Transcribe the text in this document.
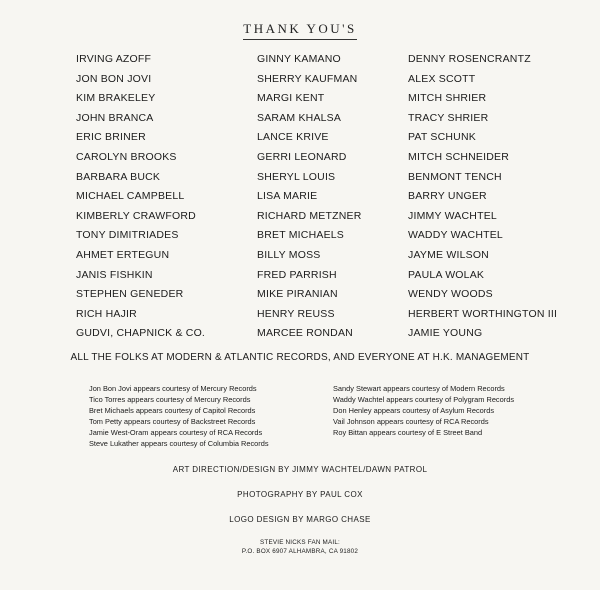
THANK YOU'S
IRVING AZOFF
JON BON JOVI
KIM BRAKELEY
JOHN BRANCA
ERIC BRINER
CAROLYN BROOKS
BARBARA BUCK
MICHAEL CAMPBELL
KIMBERLY CRAWFORD
TONY DIMITRIADES
AHMET ERTEGUN
JANIS FISHKIN
STEPHEN GENEDER
RICH HAJIR
GUDVI, CHAPNICK & CO.
GINNY KAMANO
SHERRY KAUFMAN
MARGI KENT
SARAM KHALSA
LANCE KRIVE
GERRI LEONARD
SHERYL LOUIS
LISA MARIE
RICHARD METZNER
BRET MICHAELS
BILLY MOSS
FRED PARRISH
MIKE PIRANIAN
HENRY REUSS
MARCEE RONDAN
DENNY ROSENCRANTZ
ALEX SCOTT
MITCH SHRIER
TRACY SHRIER
PAT SCHUNK
MITCH SCHNEIDER
BENMONT TENCH
BARRY UNGER
JIMMY WACHTEL
WADDY WACHTEL
JAYME WILSON
PAULA WOLAK
WENDY WOODS
HERBERT WORTHINGTON III
JAMIE YOUNG
ALL THE FOLKS AT MODERN & ATLANTIC RECORDS, AND EVERYONE AT H.K. MANAGEMENT
Jon Bon Jovi appears courtesy of Mercury Records
Tico Torres appears courtesy of Mercury Records
Bret Michaels appears courtesy of Capitol Records
Tom Petty appears courtesy of Backstreet Records
Jamie West-Oram appears courtesy of RCA Records
Steve Lukather appears courtesy of Columbia Records
Sandy Stewart appears courtesy of Modern Records
Waddy Wachtel appears courtesy of Polygram Records
Don Henley appears courtesy of Asylum Records
Vail Johnson appears courtesy of RCA Records
Roy Bittan appears courtesy of E Street Band
ART DIRECTION/DESIGN BY JIMMY WACHTEL/DAWN PATROL
PHOTOGRAPHY BY PAUL COX
LOGO DESIGN BY MARGO CHASE
STEVIE NICKS FAN MAIL:
P.O. BOX 6907 ALHAMBRA, CA 91802
